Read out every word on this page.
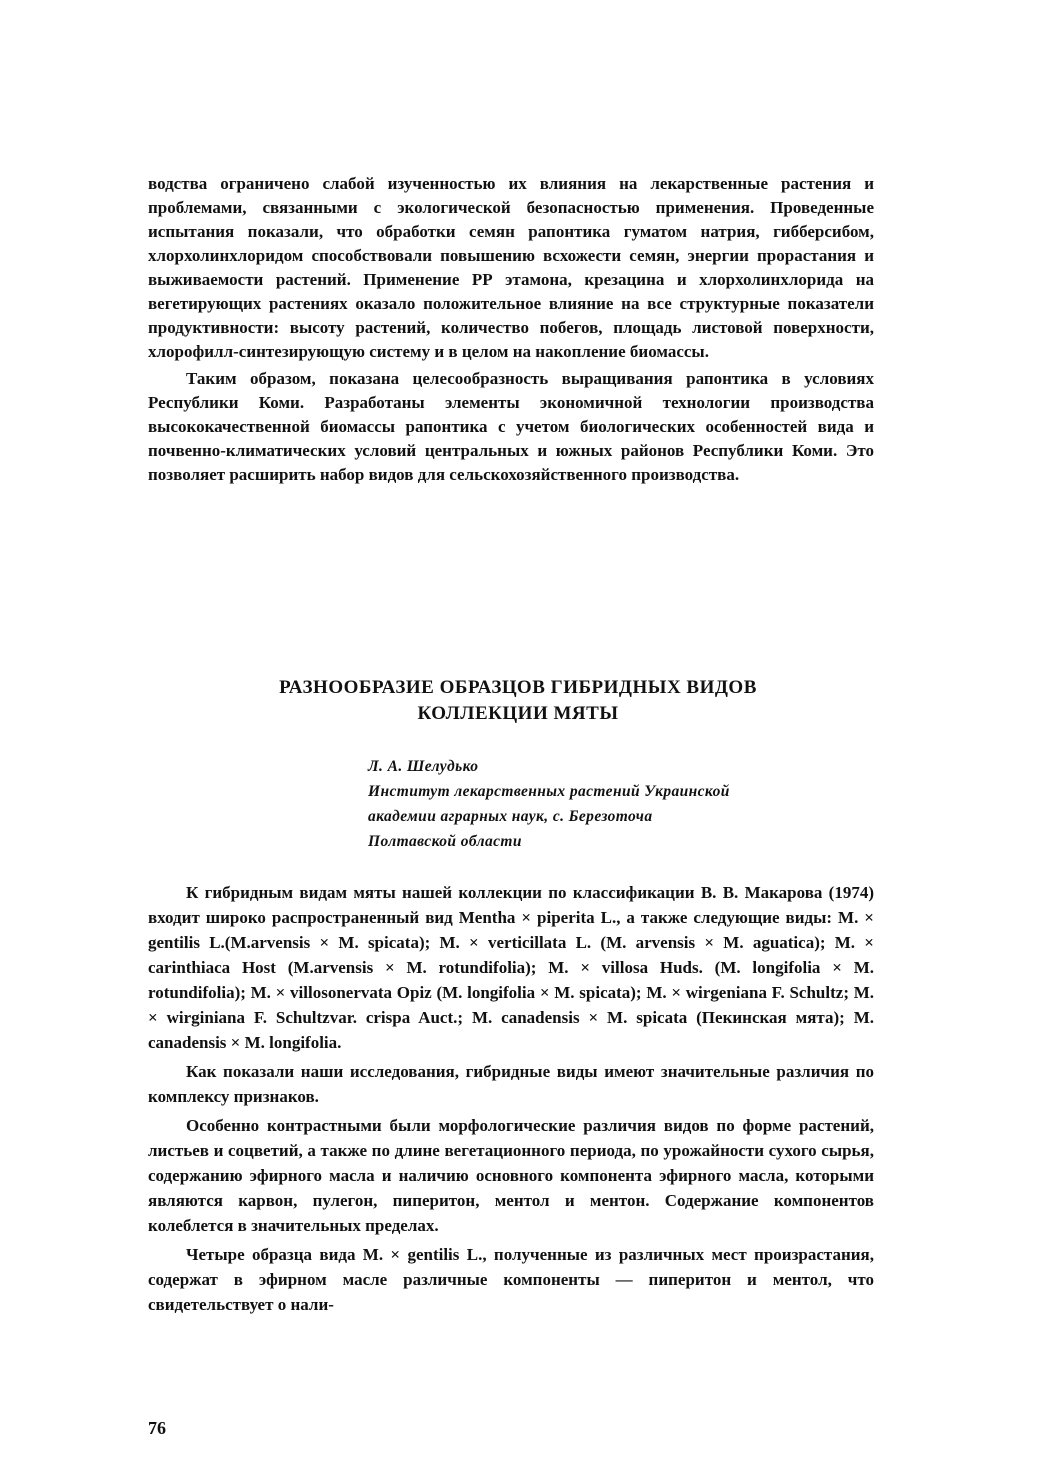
водства ограничено слабой изученностью их влияния на лекарственные растения и проблемами, связанными с экологической безопасностью применения. Проведенные испытания показали, что обработки семян рапонтика гуматом натрия, гибберсибом, хлорхолинхлоридом способствовали повышению всхожести семян, энергии прорастания и выживаемости растений. Применение РР этамона, крезацина и хлорхолинхлорида на вегетирующих растениях оказало положительное влияние на все структурные показатели продуктивности: высоту растений, количество побегов, площадь листовой поверхности, хлорофилл-синтезирующую систему и в целом на накопление биомассы.

Таким образом, показана целесообразность выращивания рапонтика в условиях Республики Коми. Разработаны элементы экономичной технологии производства высококачественной биомассы рапонтика с учетом биологических особенностей вида и почвенно-климатических условий центральных и южных районов Республики Коми. Это позволяет расширить набор видов для сельскохозяйственного производства.

РАЗНООБРАЗИЕ ОБРАЗЦОВ ГИБРИДНЫХ ВИДОВ
КОЛЛЕКЦИИ МЯТЫ
Л. А. Шелудько
Институт лекарственных растений Украинской
академии аграрных наук, с. Березоточа
Полтавской области

К гибридным видам мяты нашей коллекции по классификации В. В. Макарова (1974) входит широко распространенный вид Mentha × piperita L., а также следующие виды: M. × gentilis L.(M.arvensis × M. spicata); M. × verticillata L. (M. arvensis × M. aguatica); M. × carinthiaca Host (M.arvensis × M. rotundifolia); M. × villosa Huds. (M. longifolia × M. rotundifolia); M. × villosonervata Opiz (M. longifolia × M. spicata); M. × wirgeniana F. Schultz; M. × wirginiana F. Schultzvar. crispa Auct.; M. canadensis × M. spicata (Пекинская мята); M. canadensis × M. longifolia.

Как показали наши исследования, гибридные виды имеют значительные различия по комплексу признаков.

Особенно контрастными были морфологические различия видов по форме растений, листьев и соцветий, а также по длине вегетационного периода, по урожайности сухого сырья, содержанию эфирного масла и наличию основного компонента эфирного масла, которыми являются карвон, пулегон, пиперитон, ментол и ментон. Содержание компонентов колеблется в значительных пределах.

Четыре образца вида M. × gentilis L., полученные из различных мест произрастания, содержат в эфирном масле различные компоненты — пиперитон и ментол, что свидетельствует о нали-

76
